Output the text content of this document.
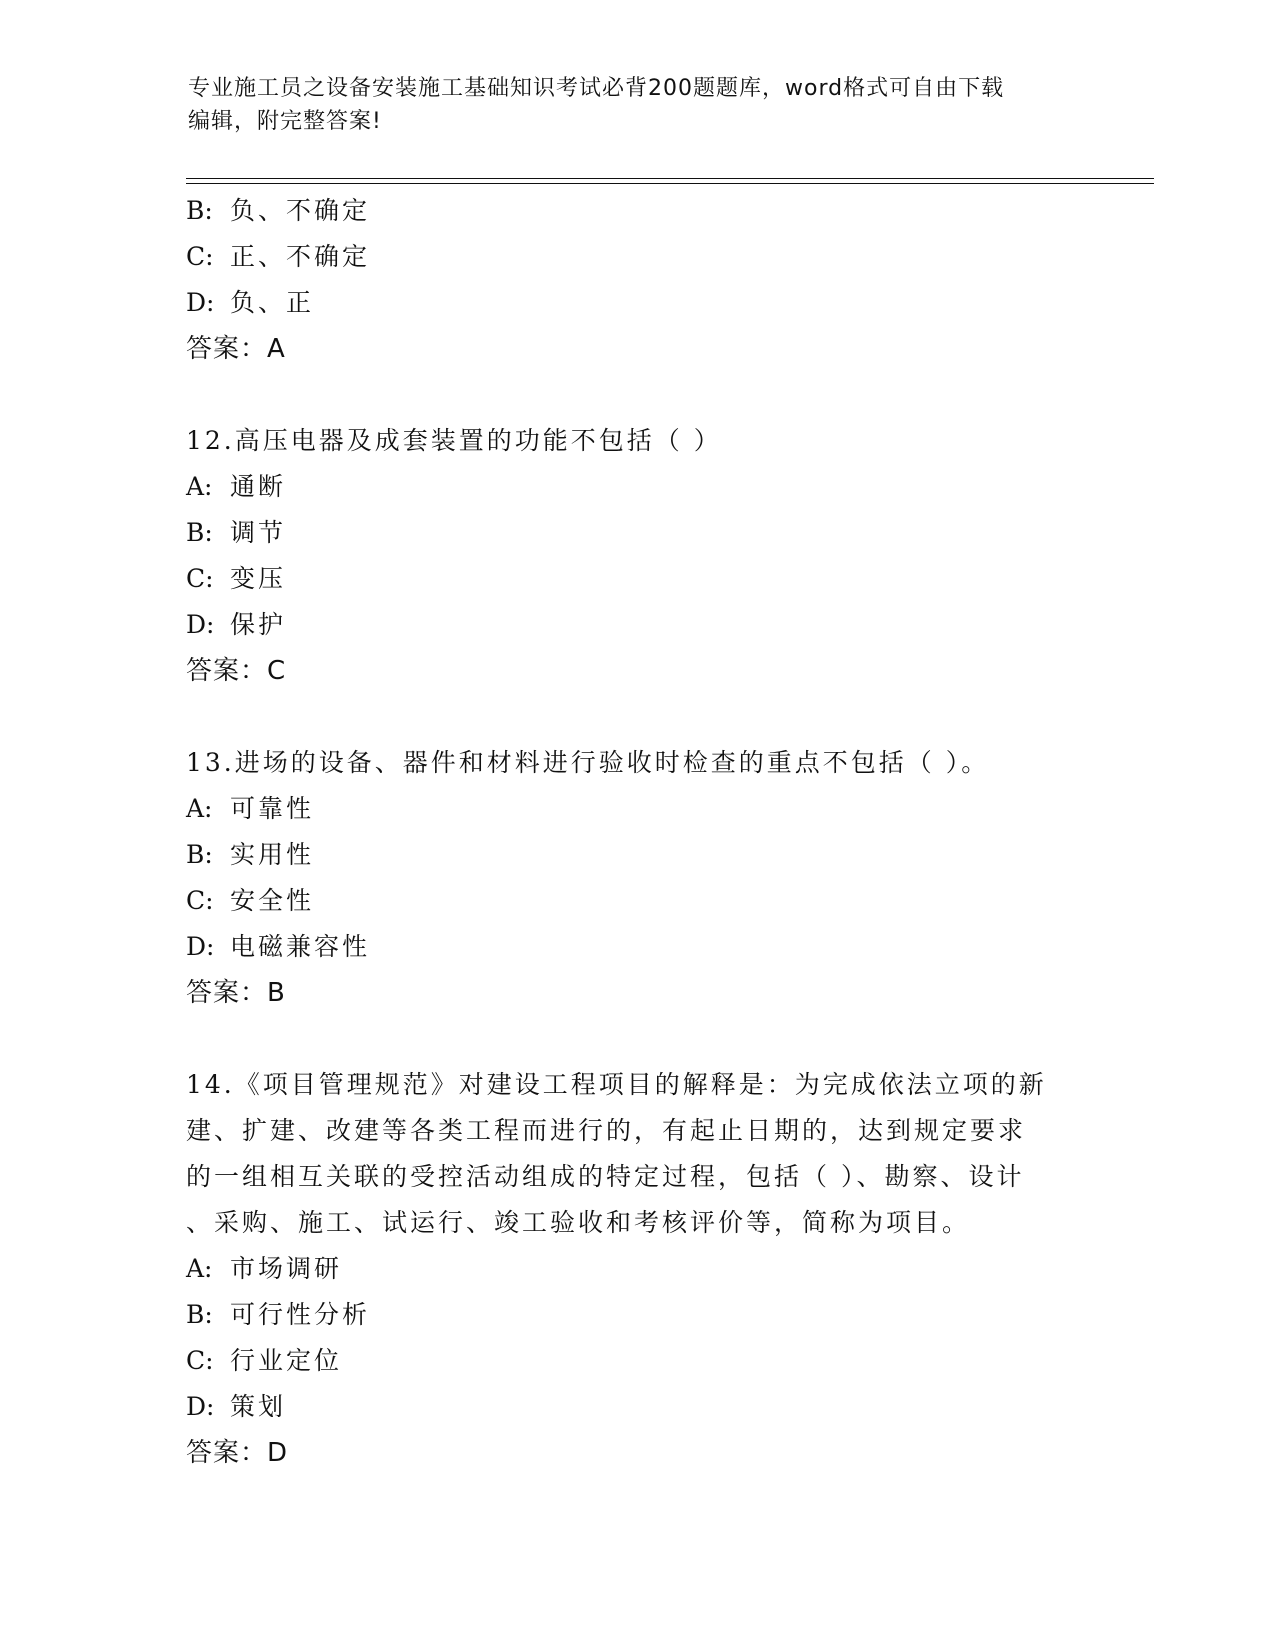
专业施工员之设备安装施工基础知识考试必背200题题库，word格式可自由下载
编辑，附完整答案!
B: 负、不确定
C: 正、不确定
D: 负、正
答案：A
12.高压电器及成套装置的功能不包括（ ）
A: 通断
B: 调节
C: 变压
D: 保护
答案：C
13.进场的设备、器件和材料进行验收时检查的重点不包括（ ）。
A: 可靠性
B: 实用性
C: 安全性
D: 电磁兼容性
答案：B
14.《项目管理规范》对建设工程项目的解释是：为完成依法立项的新
建、扩建、改建等各类工程而进行的，有起止日期的，达到规定要求
的一组相互关联的受控活动组成的特定过程，包括（ ）、勘察、设计
、采购、施工、试运行、竣工验收和考核评价等，简称为项目。
A: 市场调研
B: 可行性分析
C: 行业定位
D: 策划
答案：D
